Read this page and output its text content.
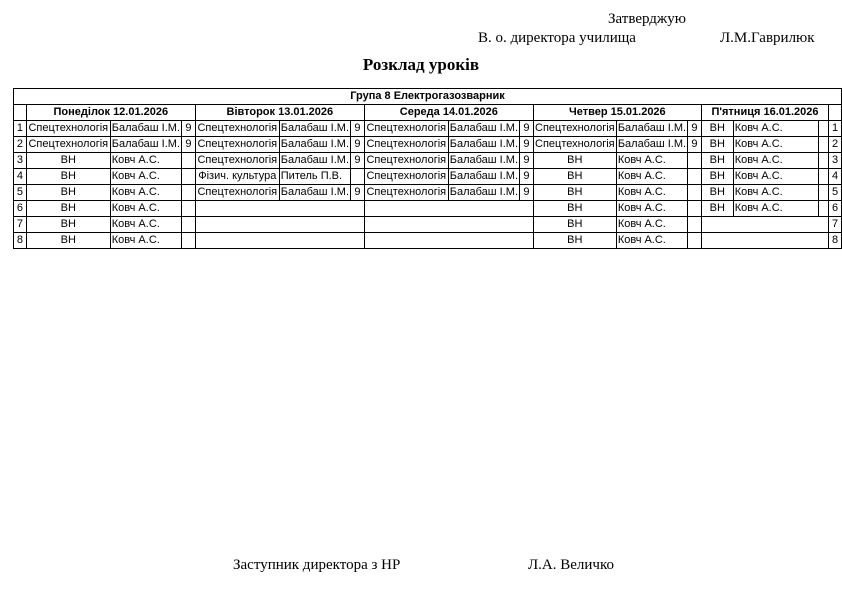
Затверджую
В. о. директора училища	Л.М.Гаврилюк
Розклад уроків
Група 8 Електрогазозварник																
	Понеділок 12.01.2026			Вівторок 13.01.2026			Середа 14.01.2026			Четвер 15.01.2026			П'ятниця 16.01.2026			
1	Спецтехнологія	Балабаш І.М.	9	Спецтехнологія	Балабаш І.М.	9	Спецтехнологія	Балабаш І.М.	9	Спецтехнологія	Балабаш І.М.	9	ВН	Ковч А.С.		1
2	Спецтехнологія	Балабаш І.М.	9	Спецтехнологія	Балабаш І.М.	9	Спецтехнологія	Балабаш І.М.	9	Спецтехнологія	Балабаш І.М.	9	ВН	Ковч А.С.		2
3	ВН	Ковч А.С.		Спецтехнологія	Балабаш І.М.	9	Спецтехнологія	Балабаш І.М.	9	ВН	Ковч А.С.		ВН	Ковч А.С.		3
4	ВН	Ковч А.С.		Фізич. культура	Питель П.В.		Спецтехнологія	Балабаш І.М.	9	ВН	Ковч А.С.		ВН	Ковч А.С.		4
5	ВН	Ковч А.С.		Спецтехнологія	Балабаш І.М.	9	Спецтехнологія	Балабаш І.М.	9	ВН	Ковч А.С.		ВН	Ковч А.С.		5
6	ВН	Ковч А.С.								ВН	Ковч А.С.		ВН	Ковч А.С.		6
7	ВН	Ковч А.С.								ВН	Ковч А.С.					7
8	ВН	Ковч А.С.								ВН	Ковч А.С.					8
Заступник директора з НР	Л.А. Величко
